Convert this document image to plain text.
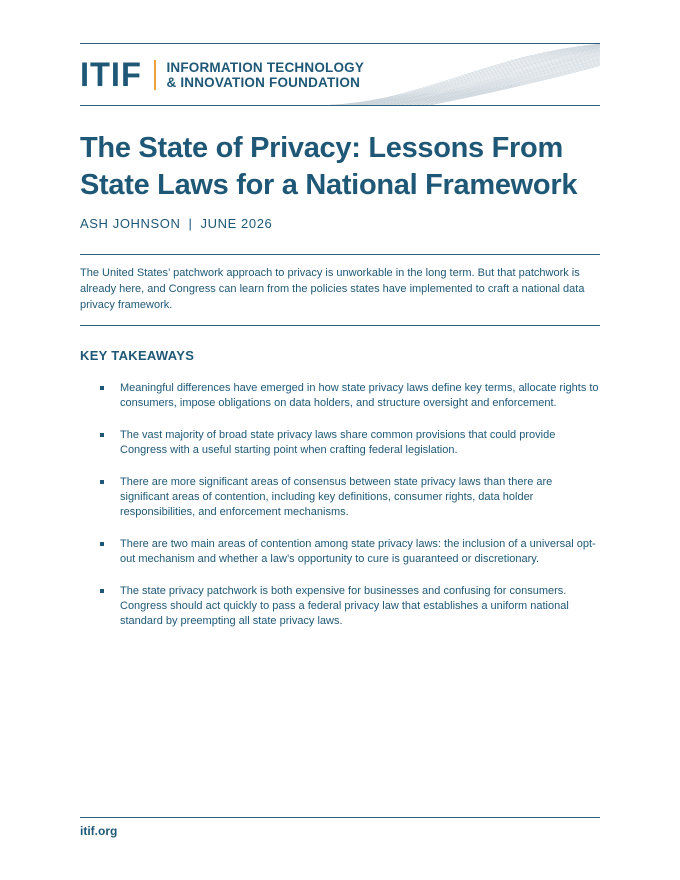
ITIF INFORMATION TECHNOLOGY
& INNOVATION FOUNDATION
The State of Privacy: Lessons From State Laws for a National Framework
ASH JOHNSON | JUNE 2026

The United States’ patchwork approach to privacy is unworkable in the long term. But that patchwork is already here, and Congress can learn from the policies states have implemented to craft a national data privacy framework.

KEY TAKEAWAYS
Meaningful differences have emerged in how state privacy laws define key terms, allocate rights to consumers, impose obligations on data holders, and structure oversight and enforcement.
The vast majority of broad state privacy laws share common provisions that could provide Congress with a useful starting point when crafting federal legislation.
There are more significant areas of consensus between state privacy laws than there are significant areas of contention, including key definitions, consumer rights, data holder responsibilities, and enforcement mechanisms.
There are two main areas of contention among state privacy laws: the inclusion of a universal opt-out mechanism and whether a law’s opportunity to cure is guaranteed or discretionary.
The state privacy patchwork is both expensive for businesses and confusing for consumers. Congress should act quickly to pass a federal privacy law that establishes a uniform national standard by preempting all state privacy laws.
itif.org
